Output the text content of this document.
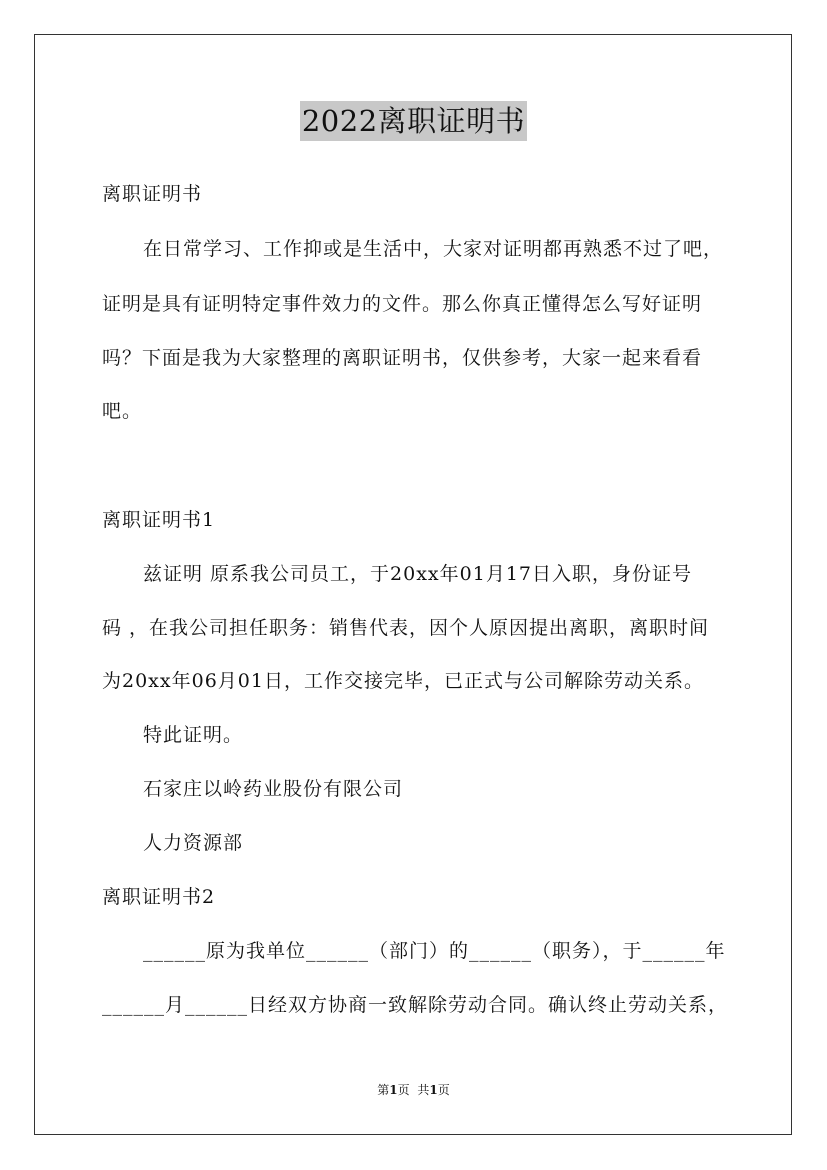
2022离职证明书
离职证明书
在日常学习、工作抑或是生活中，大家对证明都再熟悉不过了吧，
证明是具有证明特定事件效力的文件。那么你真正懂得怎么写好证明
吗？下面是我为大家整理的离职证明书，仅供参考，大家一起来看看
吧。
离职证明书1
兹证明 原系我公司员工，于20xx年01月17日入职，身份证号
码 ，在我公司担任职务：销售代表，因个人原因提出离职，离职时间
为20xx年06月01日，工作交接完毕，已正式与公司解除劳动关系。
特此证明。
石家庄以岭药业股份有限公司
人力资源部
离职证明书2
______原为我单位______（部门）的______（职务），于______年
______月______日经双方协商一致解除劳动合同。确认终止劳动关系，
第1页 共1页
